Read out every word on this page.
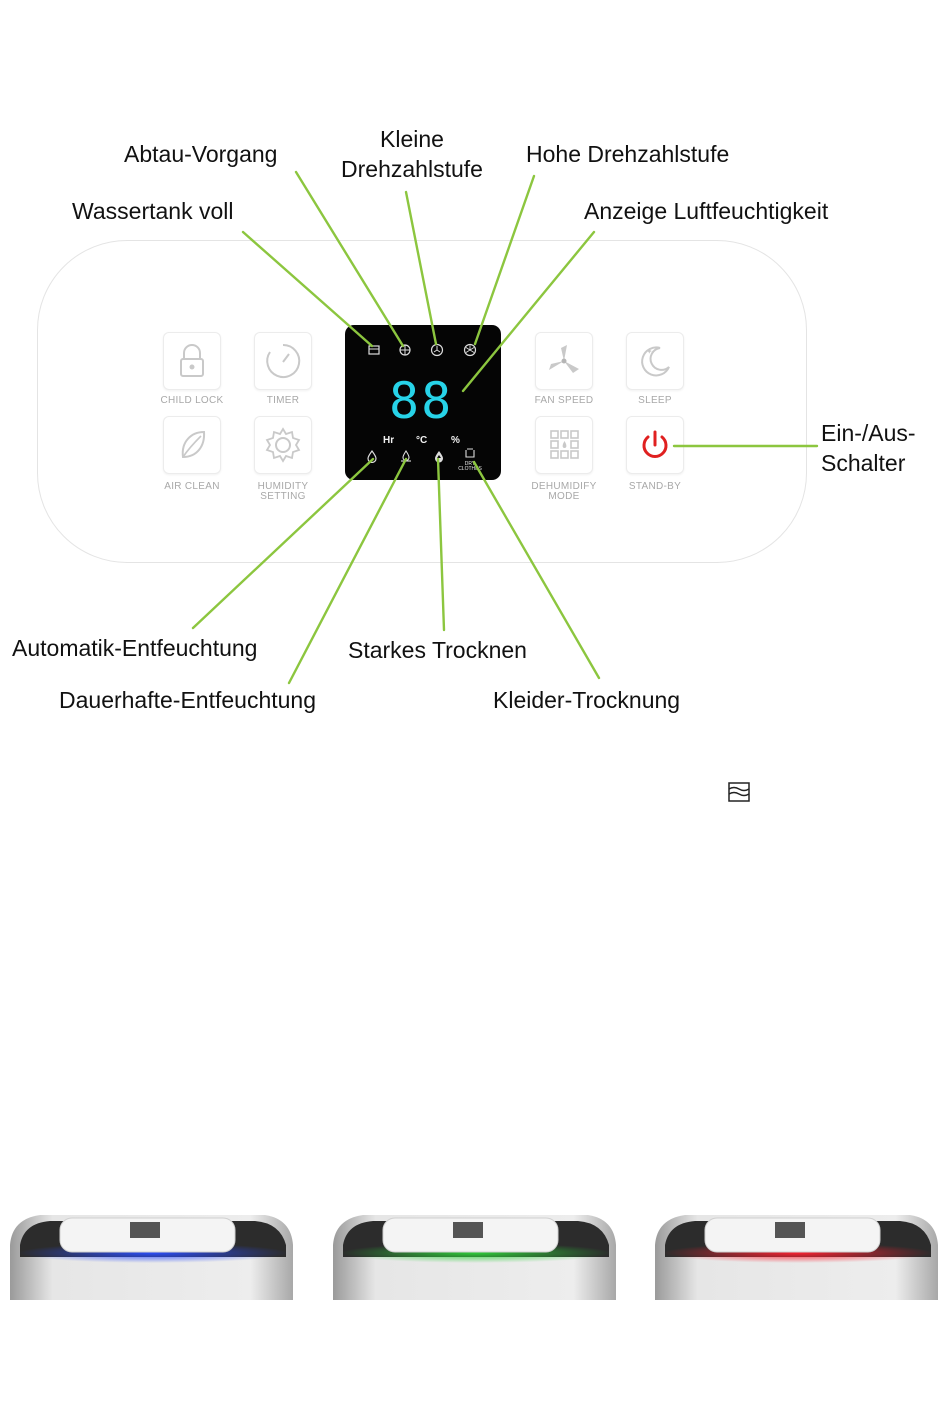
Abtau-Vorgang
Kleine
Drehzahlstufe
Hohe Drehzahlstufe
Wassertank voll	Anzeige Luftfeuchtigkeit
Ein-/Aus-
Schalter
Automatik-Entfeuchtung	Starkes Trocknen
Dauerhafte-Entfeuchtung	Kleider-Trocknung
CHILD LOCK	TIMER
AIR CLEAN	HUMIDITY
SETTING
FAN SPEED
✦
SLEEP
DEHUMIDIFY
MODE
STAND-BY
88
Hr °C %
DRY
CLOTHES
